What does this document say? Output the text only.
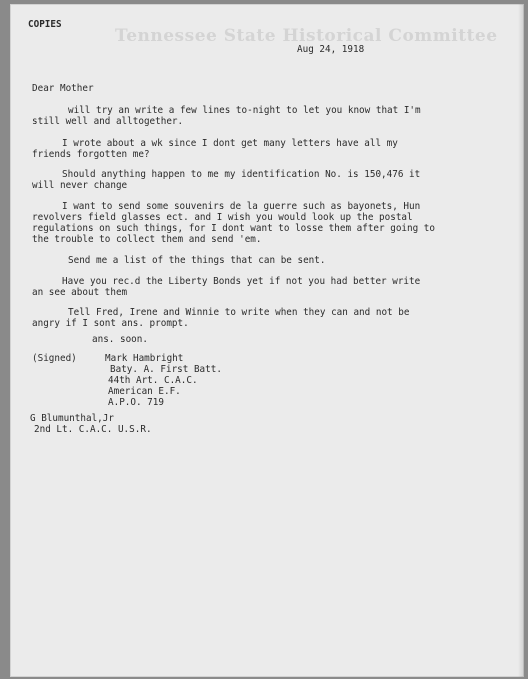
Tennessee State Historical Committee
COPIES
Aug 24, 1918
Dear Mother
will try an write a few lines to-night to let you know that I'm
still well and alltogether.
I wrote about a wk since I dont get many letters have all my
friends forgotten me?
Should anything happen to me my identification No. is 150,476 it
will never change
I want to send some souvenirs de la guerre such as bayonets, Hun
revolvers field glasses ect. and I wish you would look up the postal
regulations on such things, for I dont want to losse them after going to
the trouble to collect them and send 'em.
Send me a list of the things that can be sent.
Have you rec.d the Liberty Bonds yet if not you had better write
an see about them
Tell Fred, Irene and Winnie to write when they can and not be
angry if I sont ans. prompt.
ans. soon.
(Signed)	Mark Hambright
Baty. A. First Batt.
44th Art. C.A.C.
American E.F.
A.P.O. 719
G Blumunthal,Jr
2nd Lt. C.A.C. U.S.R.
